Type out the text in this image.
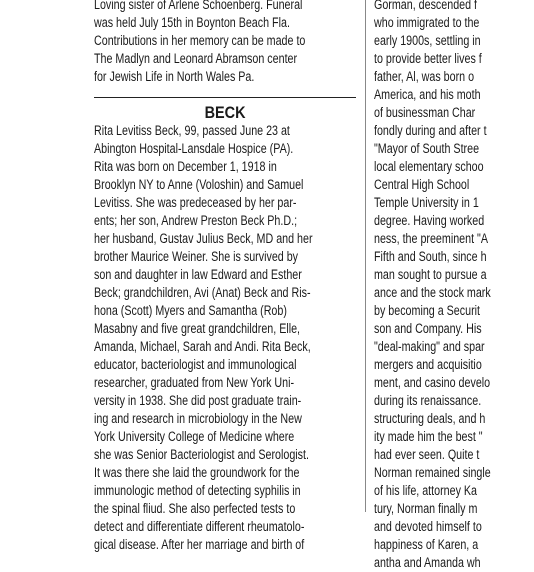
Loving sister of Arlene Schoenberg. Funeral
was held July 15th in Boynton Beach Fla.
Contributions in her memory can be made to
The Madlyn and Leonard Abramson center
for Jewish Life in North Wales Pa.
BECK
Rita Levitiss Beck, 99, passed June 23 at
Abington Hospital-Lansdale Hospice (PA).
Rita was born on December 1, 1918 in
Brooklyn NY to Anne (Voloshin) and Samuel
Levitiss. She was predeceased by her par-
ents; her son, Andrew Preston Beck Ph.D.;
her husband, Gustav Julius Beck, MD and her
brother Maurice Weiner. She is survived by
son and daughter in law Edward and Esther
Beck; grandchildren, Avi (Anat) Beck and Ris-
hona (Scott) Myers and Samantha (Rob)
Masabny and five great grandchildren, Elle,
Amanda, Michael, Sarah and Andi. Rita Beck,
educator, bacteriologist and immunological
researcher, graduated from New York Uni-
versity in 1938. She did post graduate train-
ing and research in microbiology in the New
York University College of Medicine where
she was Senior Bacteriologist and Serologist.
It was there she laid the groundwork for the
immunologic method of detecting syphilis in
the spinal fliud. She also perfected tests to
detect and differentiate different rheumatolo-
gical disease. After her marriage and birth of
Gorman, descended f
who immigrated to the
early 1900s, settling in
to provide better lives f
father, Al, was born o
America, and his moth
of businessman Char
fondly during and after t
"Mayor of South Stree
local elementary schoo
Central High School
Temple University in 1
degree. Having worked
ness, the preeminent "A
Fifth and South, since h
man sought to pursue a
ance and the stock mark
by becoming a Securit
son and Company. His
"deal-making" and spar
mergers and acquisitio
ment, and casino develo
during its renaissance.
structuring deals, and h
ity made him the best "
had ever seen. Quite t
Norman remained single
of his life, attorney Ka
tury, Norman finally m
and devoted himself to
happiness of Karen, a
antha and Amanda wh
